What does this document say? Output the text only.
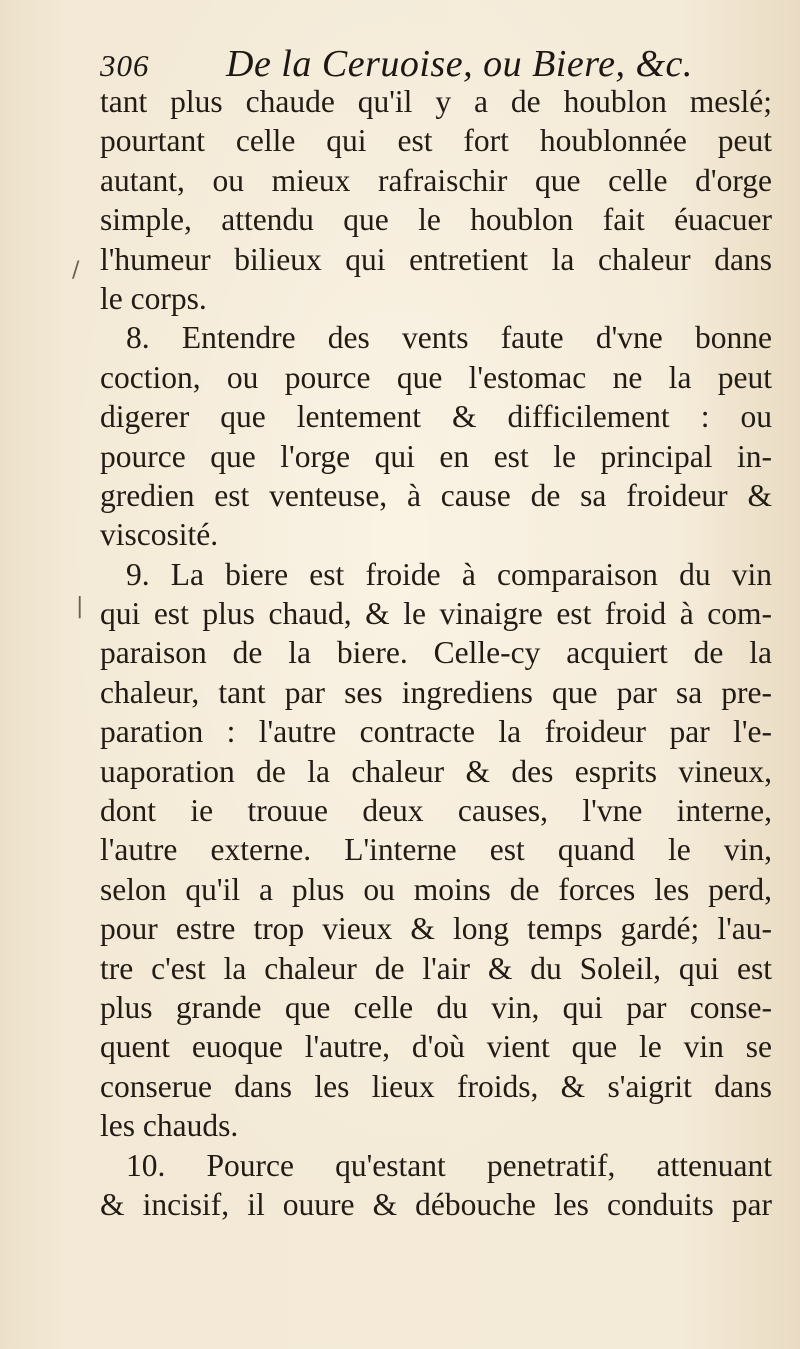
306 De la Ceruoise, ou Biere, &c.
/
|
tant plus chaude qu'il y a de houblon meslé;
pourtant celle qui est fort houblonnée peut
autant, ou mieux rafraischir que celle d'orge
simple, attendu que le houblon fait éuacuer
l'humeur bilieux qui entretient la chaleur dans
le corps.
8. Entendre des vents faute d'vne bonne
coction, ou pource que l'estomac ne la peut
digerer que lentement & difficilement : ou
pource que l'orge qui en est le principal in-
gredien est venteuse, à cause de sa froideur &
viscosité.
9. La biere est froide à comparaison du vin
qui est plus chaud, & le vinaigre est froid à com-
paraison de la biere. Celle-cy acquiert de la
chaleur, tant par ses ingrediens que par sa pre-
paration : l'autre contracte la froideur par l'e-
uaporation de la chaleur & des esprits vineux,
dont ie trouue deux causes, l'vne interne,
l'autre externe. L'interne est quand le vin,
selon qu'il a plus ou moins de forces les perd,
pour estre trop vieux & long temps gardé; l'au-
tre c'est la chaleur de l'air & du Soleil, qui est
plus grande que celle du vin, qui par conse-
quent euoque l'autre, d'où vient que le vin se
conserue dans les lieux froids, & s'aigrit dans
les chauds.
10. Pource qu'estant penetratif, attenuant
& incisif, il ouure & débouche les conduits par
